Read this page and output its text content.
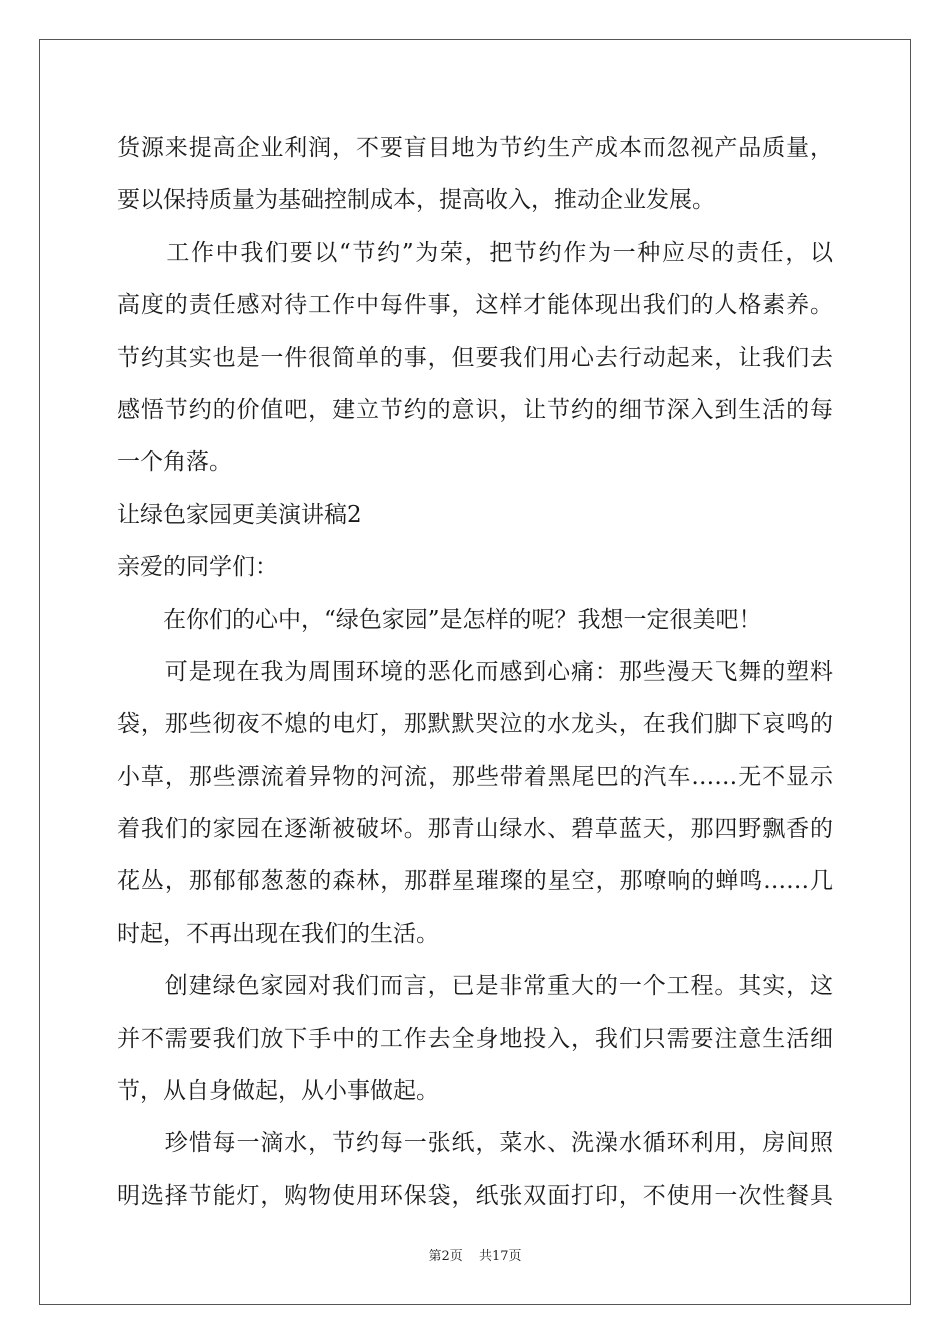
货源来提高企业利润，不要盲目地为节约生产成本而忽视产品质量，
要以保持质量为基础控制成本，提高收入，推动企业发展。
　　工作中我们要以“节约”为荣，把节约作为一种应尽的责任，以
高度的责任感对待工作中每件事，这样才能体现出我们的人格素养。
节约其实也是一件很简单的事，但要我们用心去行动起来，让我们去
感悟节约的价值吧，建立节约的意识，让节约的细节深入到生活的每
一个角落。
让绿色家园更美演讲稿2
亲爱的同学们：
　　在你们的心中，“绿色家园”是怎样的呢？我想一定很美吧！
　　可是现在我为周围环境的恶化而感到心痛：那些漫天飞舞的塑料
袋，那些彻夜不熄的电灯，那默默哭泣的水龙头，在我们脚下哀鸣的
小草，那些漂流着异物的河流，那些带着黑尾巴的汽车……无不显示
着我们的家园在逐渐被破坏。那青山绿水、碧草蓝天，那四野飘香的
花丛，那郁郁葱葱的森林，那群星璀璨的星空，那嘹响的蝉鸣……几
时起，不再出现在我们的生活。
　　创建绿色家园对我们而言，已是非常重大的一个工程。其实，这
并不需要我们放下手中的工作去全身地投入，我们只需要注意生活细
节，从自身做起，从小事做起。
　　珍惜每一滴水，节约每一张纸，菜水、洗澡水循环利用，房间照
明选择节能灯，购物使用环保袋，纸张双面打印，不使用一次性餐具
第2页 共17页
